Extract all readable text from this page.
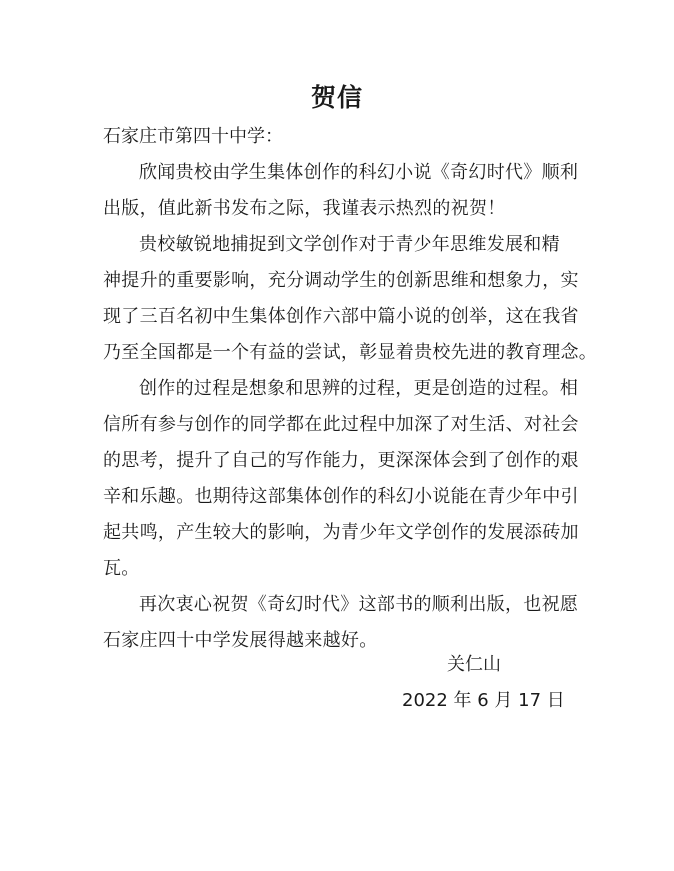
贺信
石家庄市第四十中学：
欣闻贵校由学生集体创作的科幻小说《奇幻时代》顺利
出版，值此新书发布之际，我谨表示热烈的祝贺！
贵校敏锐地捕捉到文学创作对于青少年思维发展和精
神提升的重要影响，充分调动学生的创新思维和想象力，实
现了三百名初中生集体创作六部中篇小说的创举，这在我省
乃至全国都是一个有益的尝试，彰显着贵校先进的教育理念。
创作的过程是想象和思辨的过程，更是创造的过程。相
信所有参与创作的同学都在此过程中加深了对生活、对社会
的思考，提升了自己的写作能力，更深深体会到了创作的艰
辛和乐趣。也期待这部集体创作的科幻小说能在青少年中引
起共鸣，产生较大的影响，为青少年文学创作的发展添砖加
瓦。
再次衷心祝贺《奇幻时代》这部书的顺利出版，也祝愿
石家庄四十中学发展得越来越好。
关仁山
2022 年 6 月 17 日
